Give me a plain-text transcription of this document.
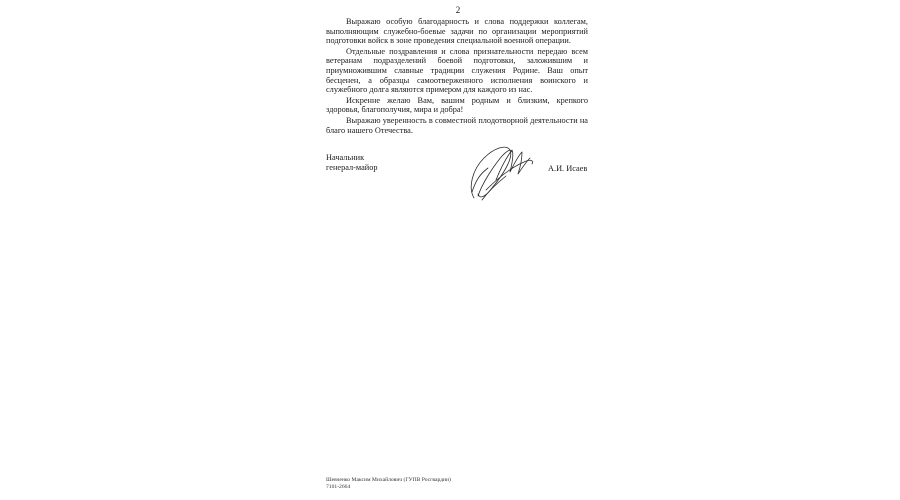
2

Выражаю особую благодарность и слова поддержки коллегам, выполняющим служебно-боевые задачи по организации мероприятий подготовки войск в зоне проведения специальной военной операции.

Отдельные поздравления и слова признательности передаю всем ветеранам подразделений боевой подготовки, заложившим и приумножившим славные традиции служения Родине. Ваш опыт бесценен, а образцы самоотверженного исполнения воинского и служебного долга являются примером для каждого из нас.

Искренне желаю Вам, вашим родным и близким, крепкого здоровья, благополучия, мира и добра!

Выражаю уверенность в совместной плодотворной деятельности на благо нашего Отечества.

Начальник
генерал-майор	А.И. Исаев
Шевченко Максим Михайлович (ГУПВ Росгвардии)
7101-2664
